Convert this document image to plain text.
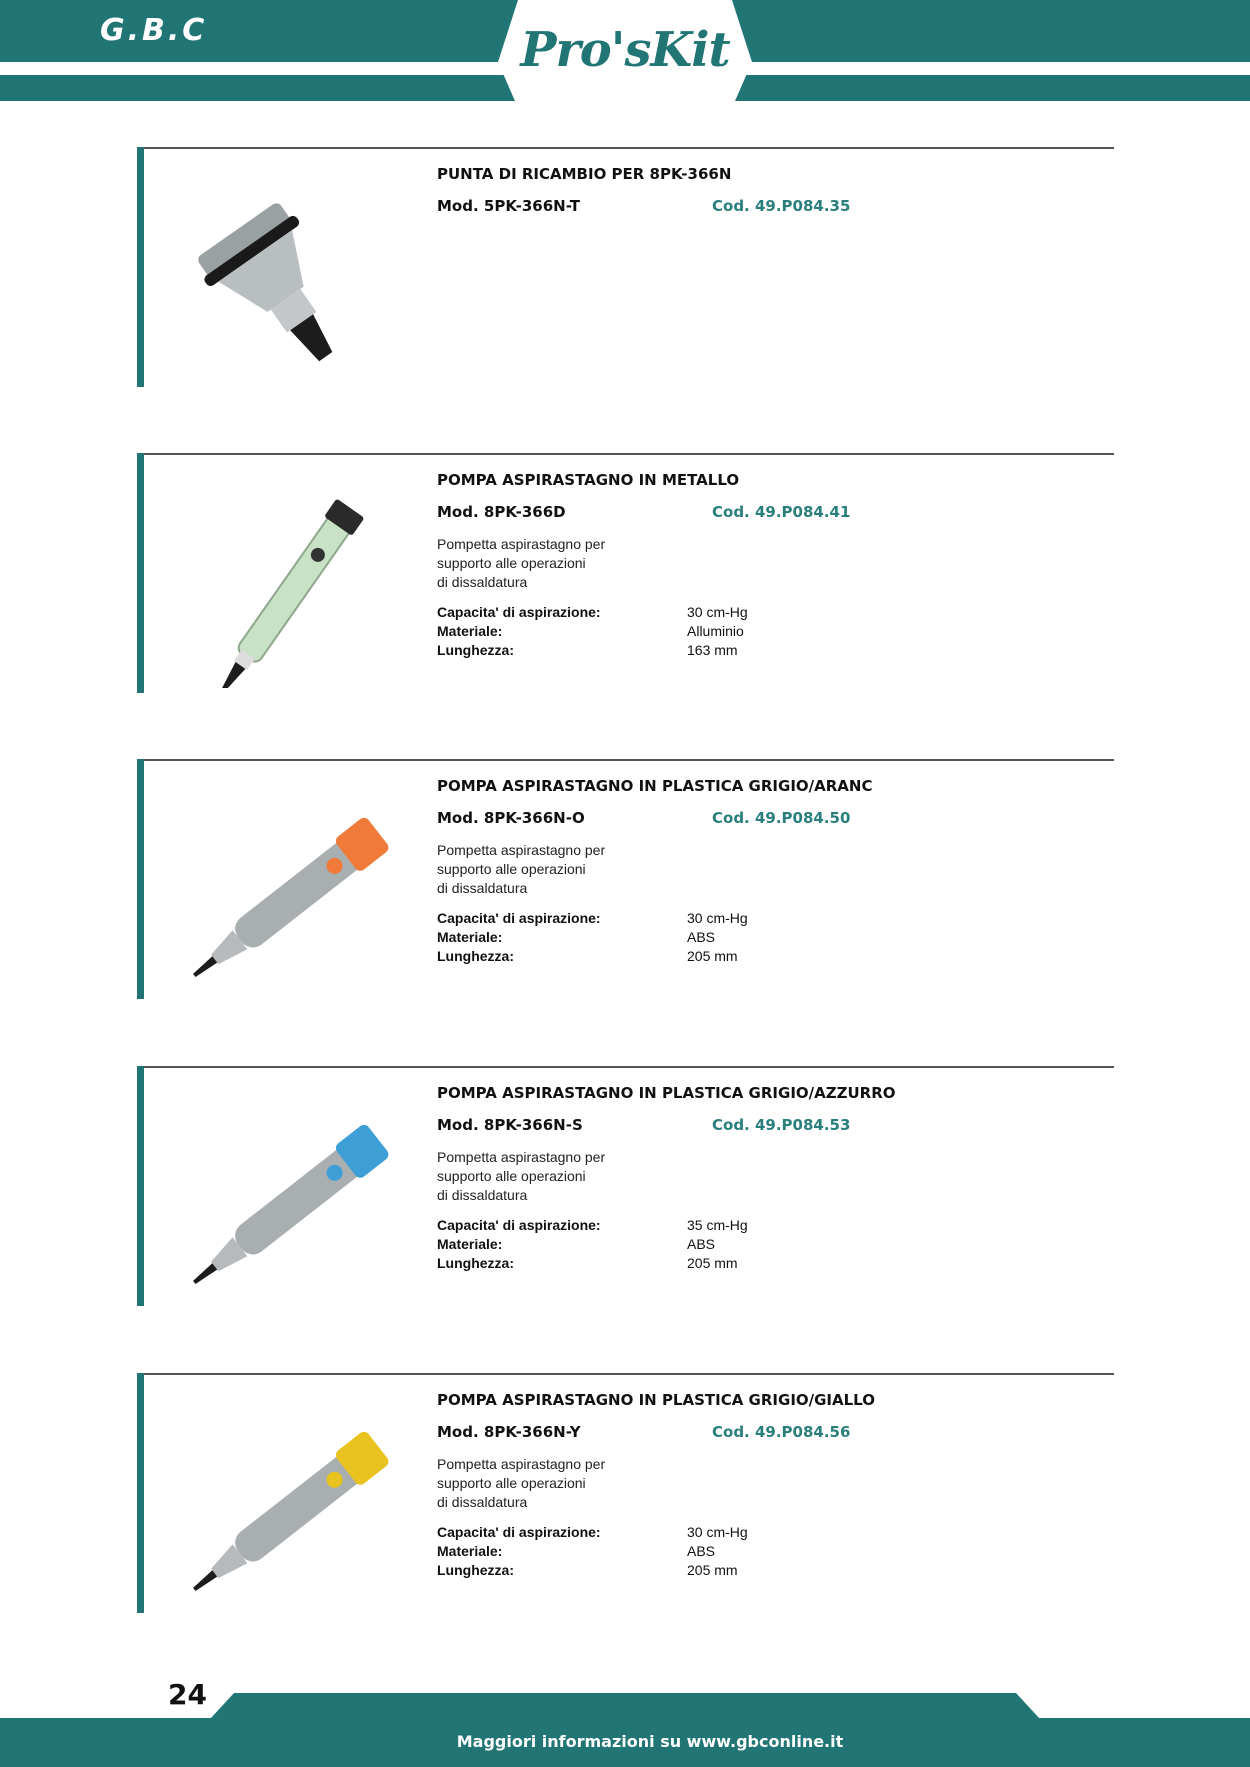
G.B.C	Pro'sKit
PUNTA DI RICAMBIO PER 8PK-366N
Mod. 5PK-366N-T	Cod. 49.P084.35
POMPA ASPIRASTAGNO IN METALLO
Mod. 8PK-366D	Cod. 49.P084.41
Pompetta aspirastagno per
supporto alle operazioni
di dissaldatura
Capacita' di aspirazione:	30 cm-Hg
Materiale:	Alluminio
Lunghezza:	163 mm
POMPA ASPIRASTAGNO IN PLASTICA GRIGIO/ARANC
Mod. 8PK-366N-O	Cod. 49.P084.50
Pompetta aspirastagno per
supporto alle operazioni
di dissaldatura
Capacita' di aspirazione:	30 cm-Hg
Materiale:	ABS
Lunghezza:	205 mm
POMPA ASPIRASTAGNO IN PLASTICA GRIGIO/AZZURRO
Mod. 8PK-366N-S	Cod. 49.P084.53
Pompetta aspirastagno per
supporto alle operazioni
di dissaldatura
Capacita' di aspirazione:	35 cm-Hg
Materiale:	ABS
Lunghezza:	205 mm
POMPA ASPIRASTAGNO IN PLASTICA GRIGIO/GIALLO
Mod. 8PK-366N-Y	Cod. 49.P084.56
Pompetta aspirastagno per
supporto alle operazioni
di dissaldatura
Capacita' di aspirazione:	30 cm-Hg
Materiale:	ABS
Lunghezza:	205 mm
24
Maggiori informazioni su www.gbconline.it
